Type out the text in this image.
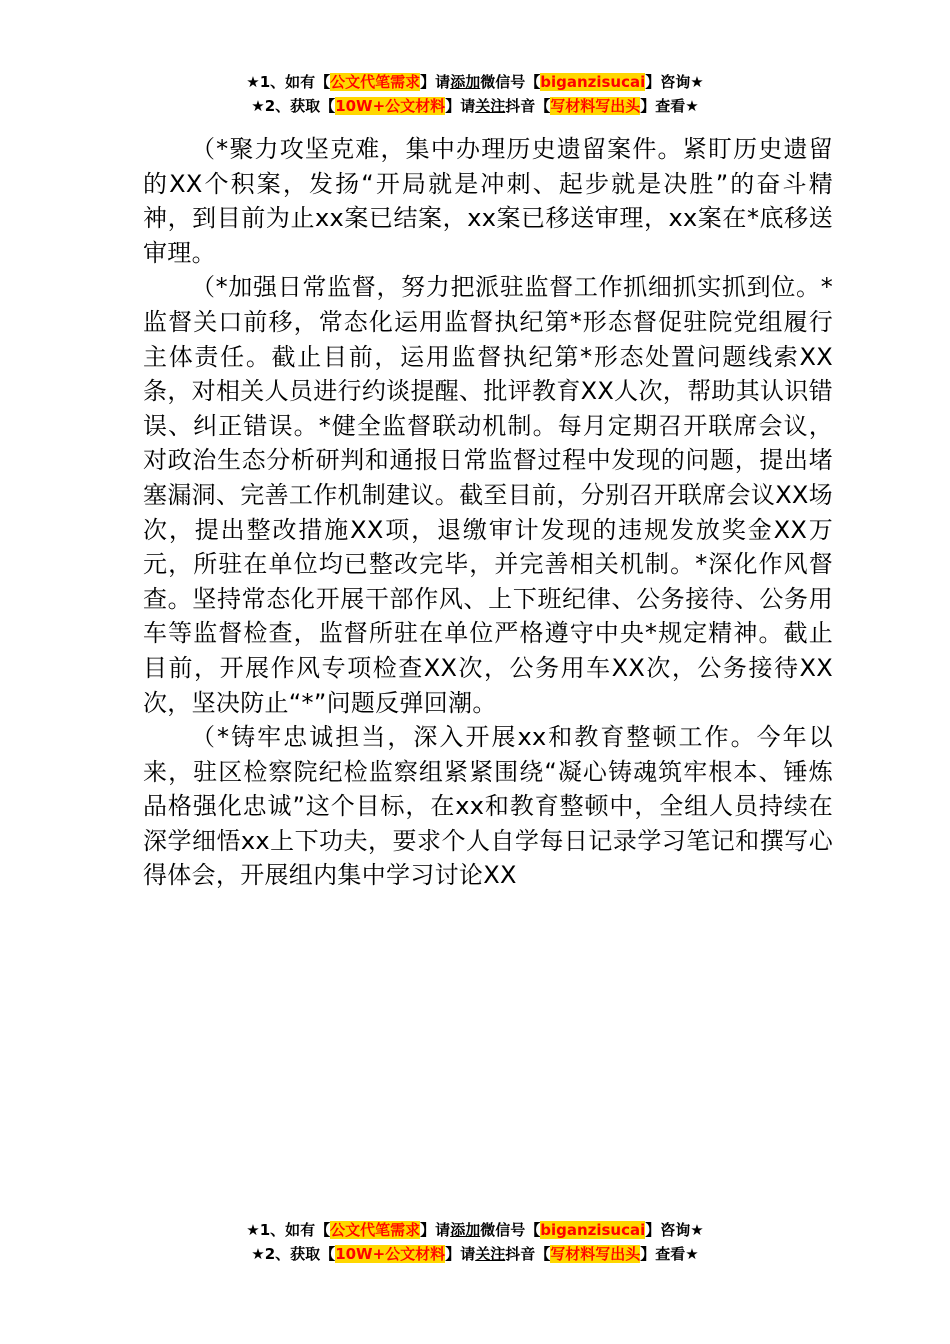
★1、如有【公文代笔需求】请添加微信号【biganzisucai】咨询★
★2、获取【10W+公文材料】请关注抖音【写材料写出头】查看★

（*聚力攻坚克难，集中办理历史遗留案件。紧盯历史遗留的XX个积案，发扬“开局就是冲刺、起步就是决胜”的奋斗精神，到目前为止xx案已结案，xx案已移送审理，xx案在*底移送审理。

（*加强日常监督，努力把派驻监督工作抓细抓实抓到位。*监督关口前移，常态化运用监督执纪第*形态督促驻院党组履行主体责任。截止目前，运用监督执纪第*形态处置问题线索XX条，对相关人员进行约谈提醒、批评教育XX人次，帮助其认识错误、纠正错误。*健全监督联动机制。每月定期召开联席会议，对政治生态分析研判和通报日常监督过程中发现的问题，提出堵塞漏洞、完善工作机制建议。截至目前，分别召开联席会议XX场次，提出整改措施XX项，退缴审计发现的违规发放奖金XX万元，所驻在单位均已整改完毕，并完善相关机制。*深化作风督查。坚持常态化开展干部作风、上下班纪律、公务接待、公务用车等监督检查，监督所驻在单位严格遵守中央*规定精神。截止目前，开展作风专项检查XX次，公务用车XX次，公务接待XX次，坚决防止“*”问题反弹回潮。

（*铸牢忠诚担当，深入开展xx和教育整顿工作。今年以来，驻区检察院纪检监察组紧紧围绕“凝心铸魂筑牢根本、锤炼品格强化忠诚”这个目标，在xx和教育整顿中，全组人员持续在深学细悟xx上下功夫，要求个人自学每日记录学习笔记和撰写心得体会，开展组内集中学习讨论XX

★1、如有【公文代笔需求】请添加微信号【biganzisucai】咨询★
★2、获取【10W+公文材料】请关注抖音【写材料写出头】查看★
